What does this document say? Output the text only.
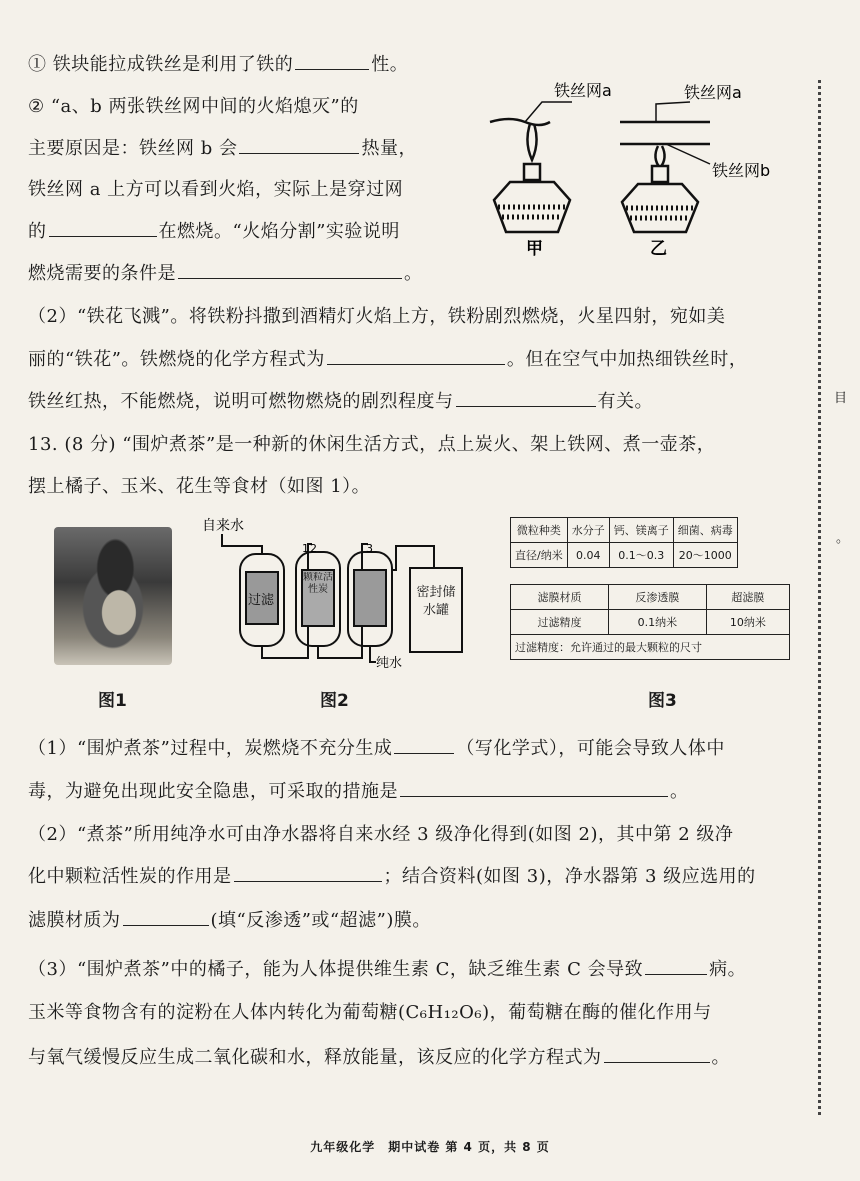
① 铁块能拉成铁丝是利用了铁的	性。
② “a、b 两张铁丝网中间的火焰熄灭”的
主要原因是：铁丝网 b 会	热量，
铁丝网 a 上方可以看到火焰，实际上是穿过网
的	在燃烧。“火焰分割”实验说明
燃烧需要的条件是	。
铁丝网a	铁丝网a
铁丝网b
甲	乙
（2）“铁花飞溅”。将铁粉抖撒到酒精灯火焰上方，铁粉剧烈燃烧，火星四射，宛如美
丽的“铁花”。铁燃烧的化学方程式为	。但在空气中加热细铁丝时，
铁丝红热，不能燃烧，说明可燃物燃烧的剧烈程度与	有关。
13. (8 分) “围炉煮茶”是一种新的休闲生活方式，点上炭火、架上铁网、煮一壶茶，
摆上橘子、玉米、花生等食材（如图 1）。
自来水
1 2	3
过滤
颗粒活性炭	密封储水罐
纯水
微粒种类	水分子	钙、镁离子	细菌、病毒
直径/纳米	0.04	0.1～0.3	20～1000
滤膜材质	反渗透膜	超滤膜
过滤精度	0.1纳米	10纳米
过滤精度：允许通过的最大颗粒的尺寸		
图1	图2	图3
（1）“围炉煮茶”过程中，炭燃烧不充分生成	（写化学式），可能会导致人体中
毒，为避免出现此安全隐患，可采取的措施是	。
（2）“煮茶”所用纯净水可由净水器将自来水经 3 级净化得到(如图 2)，其中第 2 级净
化中颗粒活性炭的作用是	；结合资料(如图 3)，净水器第 3 级应选用的
滤膜材质为	(填“反渗透”或“超滤”)膜。
（3）“围炉煮茶”中的橘子，能为人体提供维生素 C，缺乏维生素 C 会导致	病。
玉米等食物含有的淀粉在人体内转化为葡萄糖(C₆H₁₂O₆)，葡萄糖在酶的催化作用与
与氧气缓慢反应生成二氧化碳和水，释放能量，该反应的化学方程式为	。
目
。
九年级化学　期中试卷 第 4 页，共 8 页
